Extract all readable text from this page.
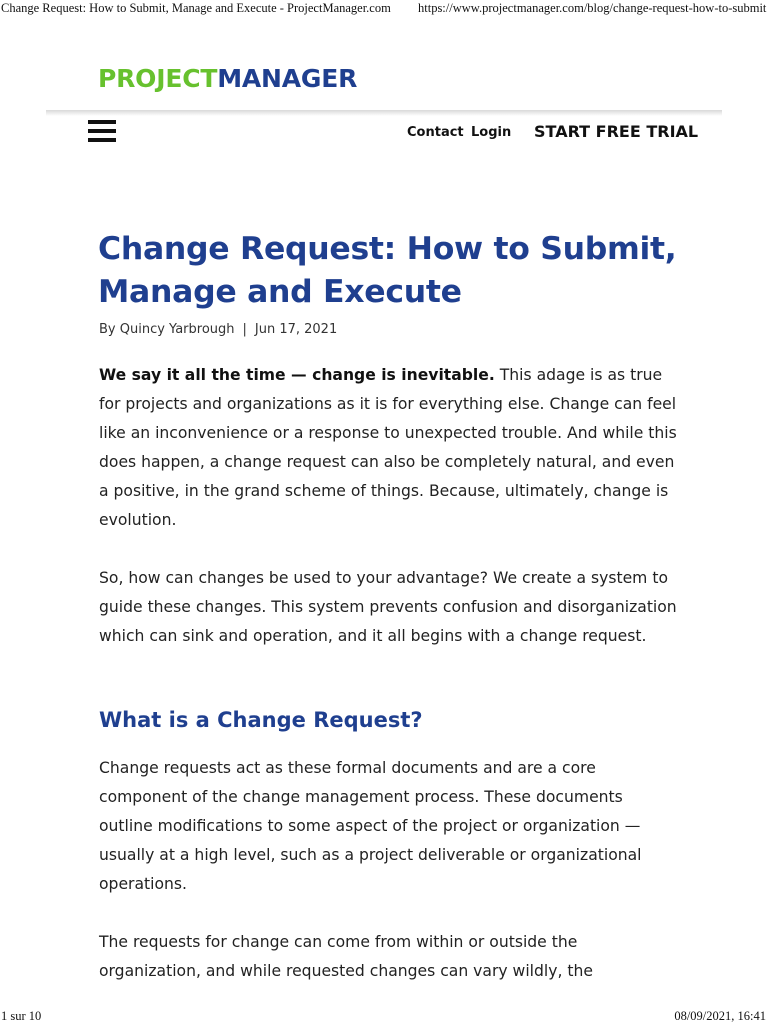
Change Request: How to Submit, Manage and Execute - ProjectManager.com https://www.projectmanager.com/blog/change-request-how-to-submit
PROJECTMANAGER
Contact Login START FREE TRIAL
Change Request: How to Submit, Manage and Execute
By Quincy Yarbrough | Jun 17, 2021

We say it all the time — change is inevitable. This adage is as true for projects and organizations as it is for everything else. Change can feel like an inconvenience or a response to unexpected trouble. And while this does happen, a change request can also be completely natural, and even a positive, in the grand scheme of things. Because, ultimately, change is evolution.

So, how can changes be used to your advantage? We create a system to guide these changes. This system prevents confusion and disorganization which can sink and operation, and it all begins with a change request.

What is a Change Request?

Change requests act as these formal documents and are a core component of the change management process. These documents outline modifications to some aspect of the project or organization — usually at a high level, such as a project deliverable or organizational operations.

The requests for change can come from within or outside the organization, and while requested changes can vary wildly, the

1 sur 10	08/09/2021, 16:41
